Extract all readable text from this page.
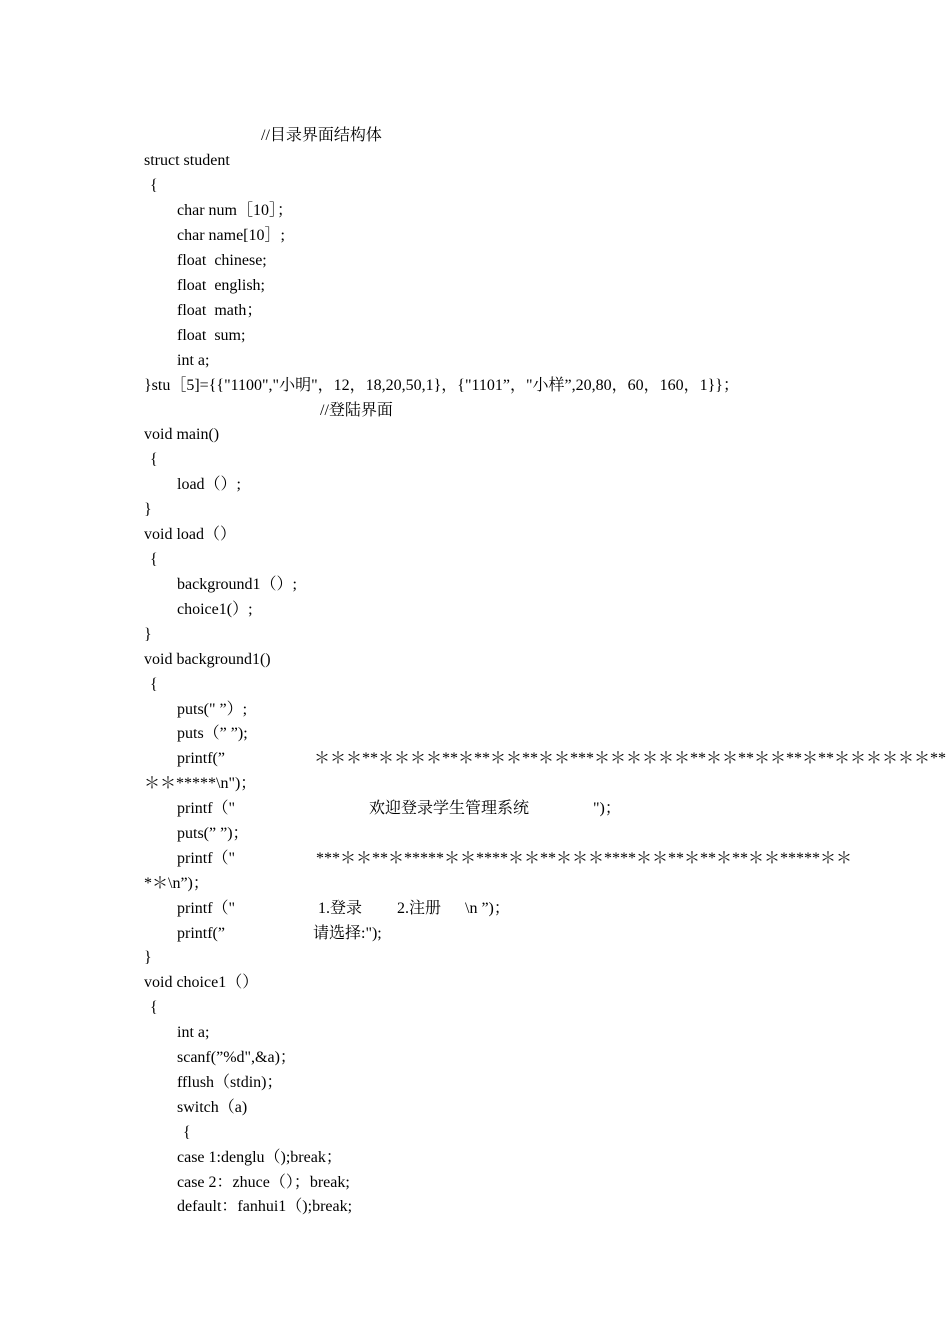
//目录界面结构体
struct student
{
char num［10］；
char name[10］;
float  chinese;
float  english;
float  math；
float  sum;
int a;
}stu［5]={{"1100","小明"，12，18,20,50,1}，{"1101”，"小样”,20,80，60，160，1}}；
//登陆界面
void main()
{
load（）;
}
void load（）
{
background1（）;
choice1(）;
}
void background1()
{
puts(" ”）;
puts（” ”);
printf(”	＊＊＊**＊＊＊＊**＊**＊＊**＊＊***＊＊＊＊＊＊**＊＊**＊＊**＊**＊＊＊＊＊＊**
＊＊*****\n")；
printf（"	欢迎登录学生管理系统	")；
puts(” ”)；
printf（"	***＊＊**＊*****＊＊****＊＊**＊＊＊****＊＊**＊**＊**＊＊*****＊＊
*＊\n”)；
printf（"	1.登录 2.注册 \n ”)；
printf(”	请选择:");
}
void choice1（）
{
int a;
scanf(”%d",&a)；
fflush（stdin)；
switch（a)
{
case 1:denglu（);break；
case 2：zhuce（）；break;
default：fanhui1（);break;
